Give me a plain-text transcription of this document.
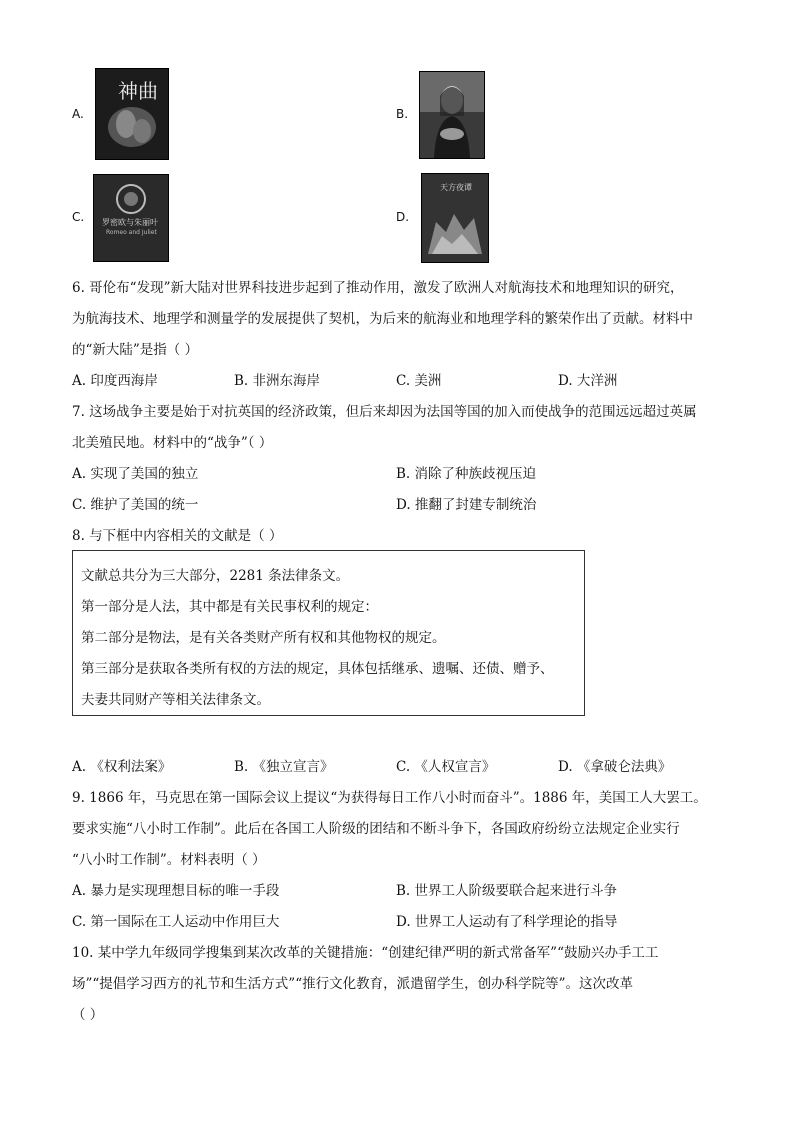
A.
神曲
B.
C. 罗密欧与朱丽叶
Romeo and Juliet
D.
天方夜谭
6. 哥伦布“发现”新大陆对世界科技进步起到了推动作用，激发了欧洲人对航海技术和地理知识的研究，
为航海技术、地理学和测量学的发展提供了契机，为后来的航海业和地理学科的繁荣作出了贡献。材料中
的“新大陆”是指（ ）
A. 印度西海岸	B. 非洲东海岸	C. 美洲	D. 大洋洲
7. 这场战争主要是始于对抗英国的经济政策，但后来却因为法国等国的加入而使战争的范围远远超过英属
北美殖民地。材料中的“战争”（ ）
A. 实现了美国的独立	B. 消除了种族歧视压迫
C. 维护了美国的统一	D. 推翻了封建专制统治
8. 与下框中内容相关的文献是（ ）
文献总共分为三大部分，2281 条法律条文。
第一部分是人法，其中都是有关民事权利的规定：
第二部分是物法，是有关各类财产所有权和其他物权的规定。
第三部分是获取各类所有权的方法的规定，具体包括继承、遗嘱、还债、赠予、
夫妻共同财产等相关法律条文。
A. 《权利法案》	B. 《独立宣言》	C. 《人权宣言》	D. 《拿破仑法典》
9. 1866 年，马克思在第一国际会议上提议“为获得每日工作八小时而奋斗”。1886 年，美国工人大罢工。
要求实施“八小时工作制”。此后在各国工人阶级的团结和不断斗争下，各国政府纷纷立法规定企业实行
“八小时工作制”。材料表明（ ）
A. 暴力是实现理想目标的唯一手段	B. 世界工人阶级要联合起来进行斗争
C. 第一国际在工人运动中作用巨大	D. 世界工人运动有了科学理论的指导
10. 某中学九年级同学搜集到某次改革的关键措施：“创建纪律严明的新式常备军”“鼓励兴办手工工
场”“提倡学习西方的礼节和生活方式”“推行文化教育，派遣留学生，创办科学院等”。这次改革
（ ）
